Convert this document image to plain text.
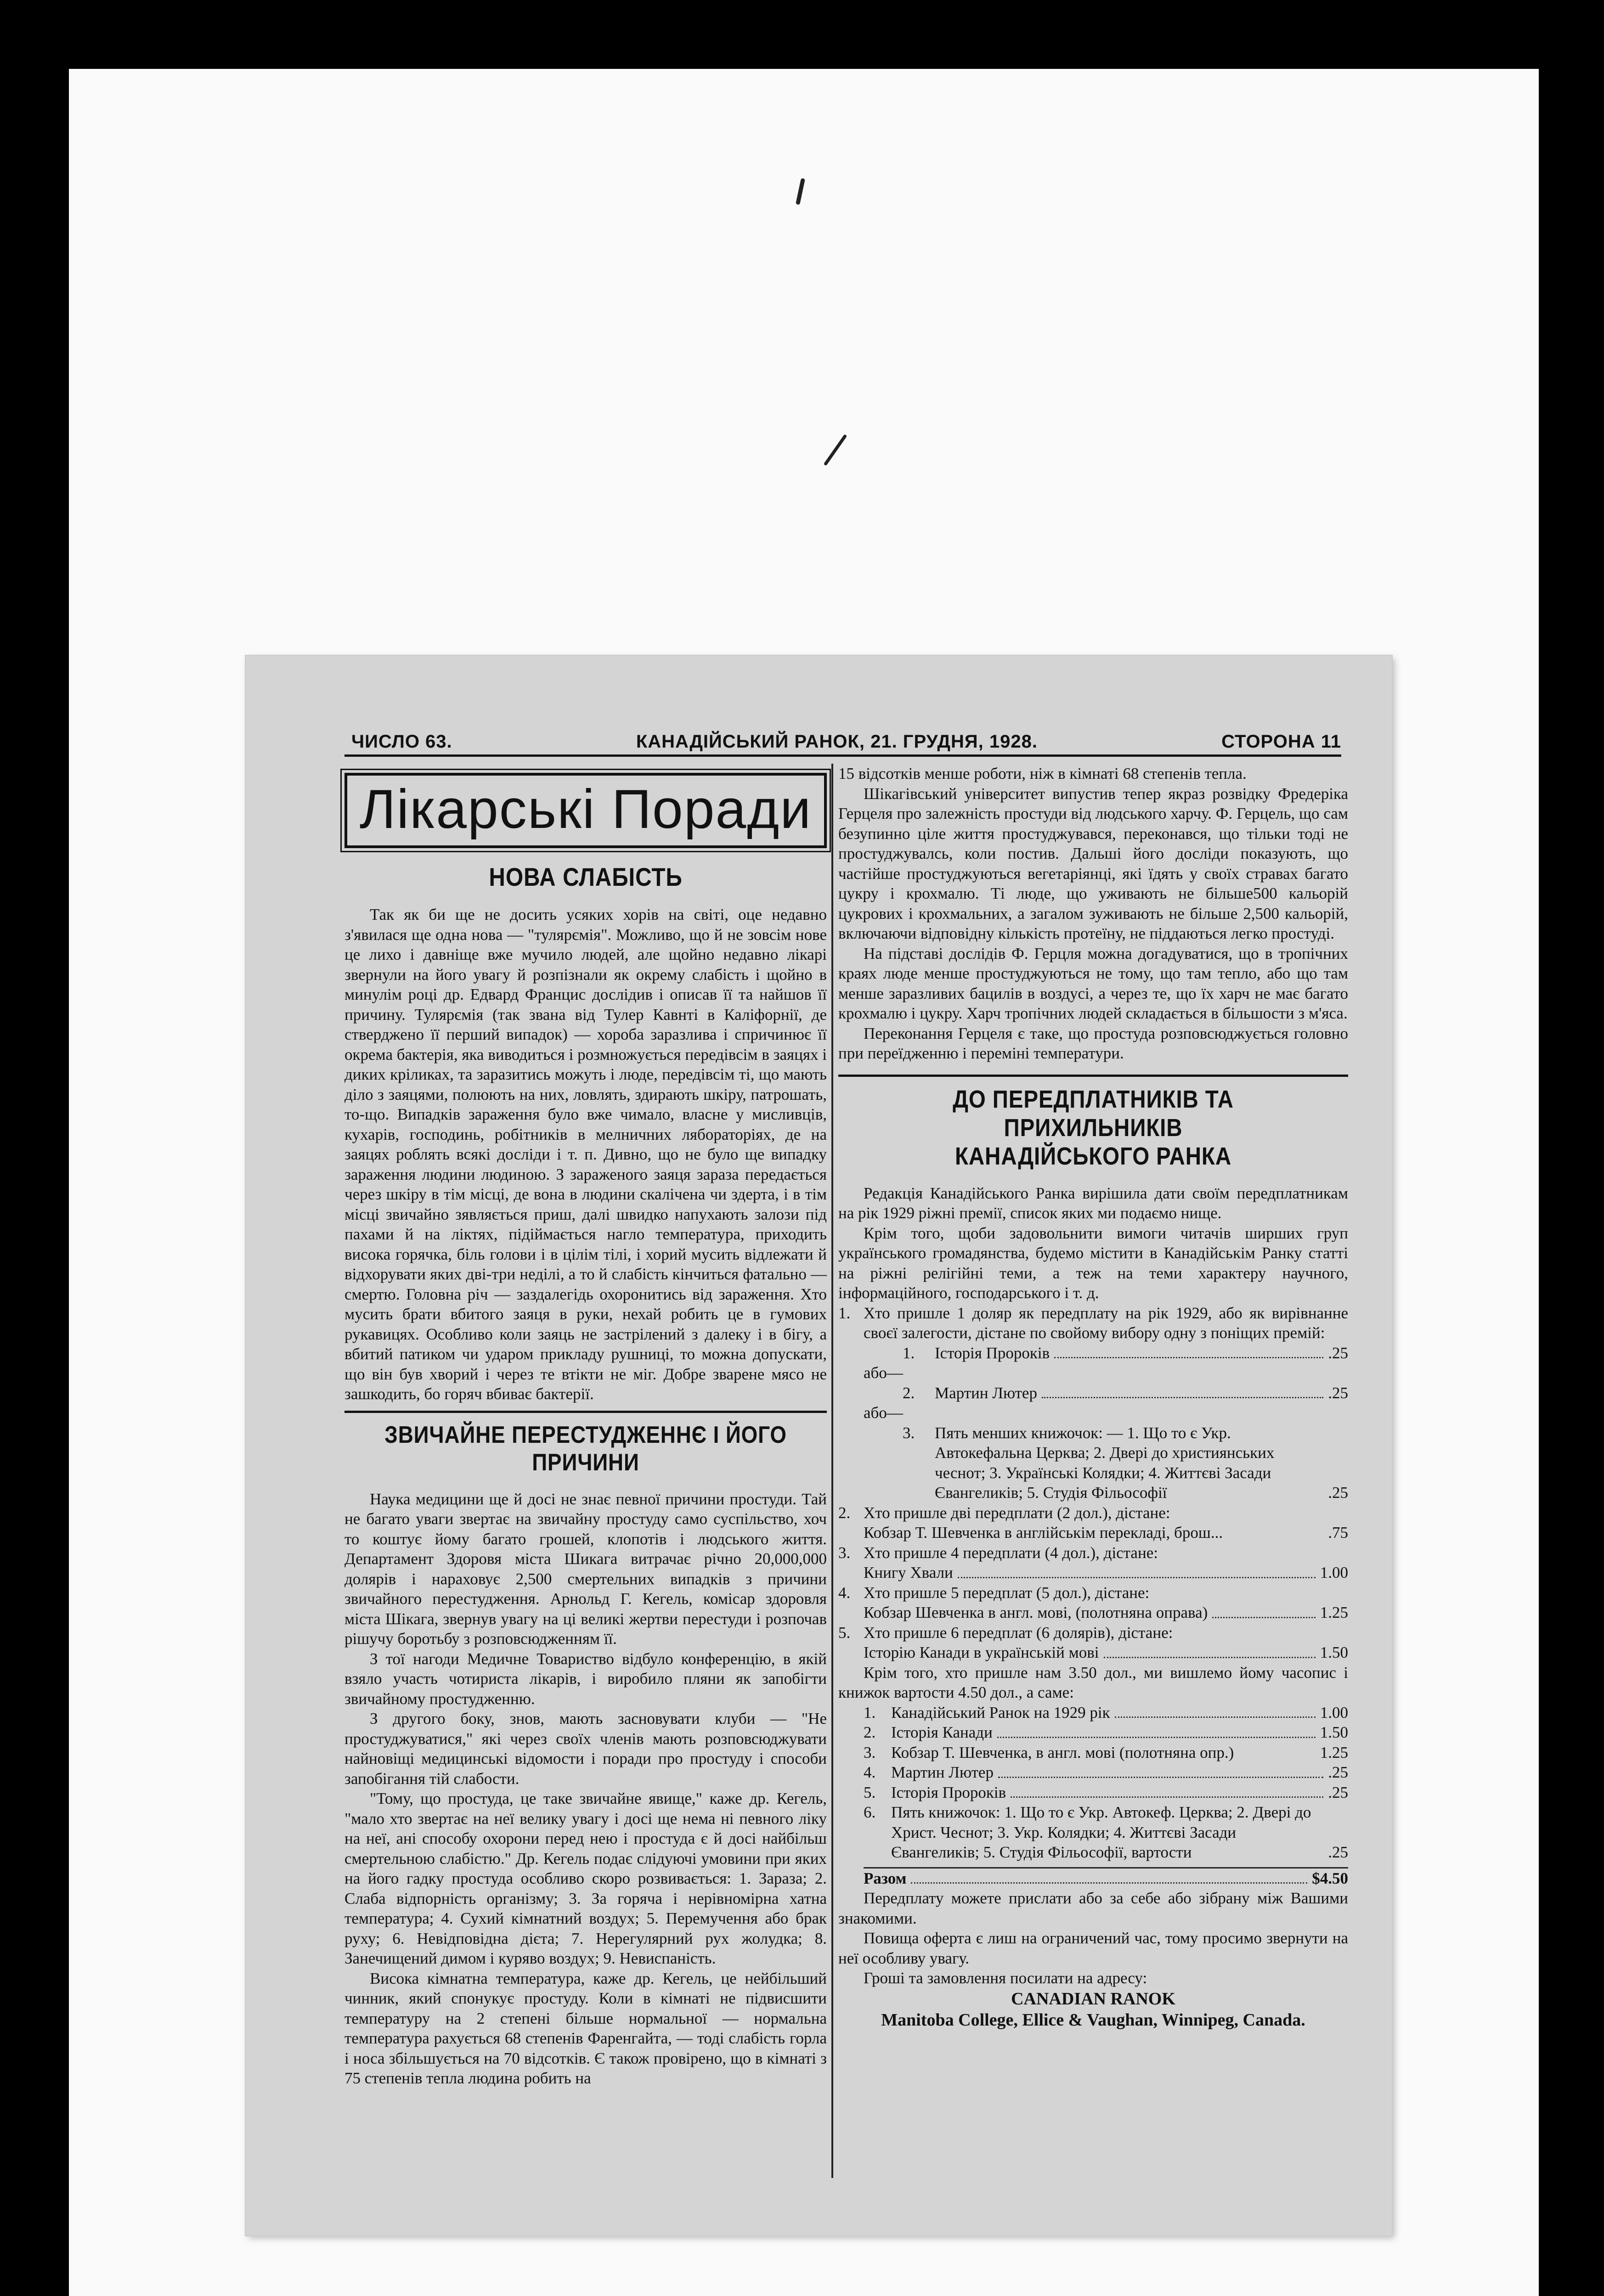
ЧИСЛО 63.	КАНАДІЙСЬКИЙ РАНОК, 21. ГРУДНЯ, 1928.	СТОРОНА 11
Лікарські Поради
НОВА СЛАБІСТЬ

Так як би ще не досить усяких хорів на світі, оце недавно з'явилася ще одна нова — "тулярємія". Можливо, що й не зовсім нове це лихо і давніще вже мучило людей, але щойно недавно лікарі звернули на його увагу й розпізнали як окрему слабість і щойно в минулім році др. Едвард Францис дослідив і описав її та найшов її причину. Тулярємія (так звана від Тулер Кавнті в Каліфорнії, де стверджено її перший випадок) — хороба заразлива і спричинює її окрема бактерія, яка виводиться і розмножується передівсім в заяцях і диких кріликах, та заразитись можуть і люде, передівсім ті, що мають діло з заяцями, полюють на них, ловлять, здирають шкіру, патрошать, то-що. Випадків зараження було вже чимало, власне у мисливців, кухарів, господинь, робітників в мелничних лябораторіях, де на заяцях роблять всякі досліди і т. п. Дивно, що не було ще випадку зараження людини людиною. З зараженого заяця зараза передається через шкіру в тім місці, де вона в людини скалічена чи здерта, і в тім місці звичайно зявляється приш, далі швидко напухають залози під пахами й на ліктях, підіймається нагло температура, приходить висока горячка, біль голови і в цілім тілі, і хорий мусить відлежати й відхорувати яких дві-три неділі, а то й слабість кінчиться фатально — смертю. Головна річ — заздалегідь охоронитись від зараження. Хто мусить брати вбитого заяця в руки, нехай робить це в гумових рукавицях. Особливо коли заяць не застрілений з далеку і в бігу, а вбитий патиком чи ударом прикладу рушниці, то можна допускати, що він був хворий і через те втікти не міг. Добре зварене мясо не зашкодить, бо горяч вбиває бактерії.

ЗВИЧАЙНЕ ПЕРЕСТУДЖЕННЄ І ЙОГО ПРИЧИНИ

Наука медицини ще й досі не знає певної причини простуди. Тай не багато уваги звертає на звичайну простуду само суспільство, хоч то коштує йому багато грошей, клопотів і людського життя. Департамент Здоровя міста Шикага витрачає річно 20,000,000 долярів і нараховує 2,500 смертельних випадків з причини звичайного перестудження. Арнольд Г. Кегель, комісар здоровля міста Шікага, звернув увагу на ці великі жертви перестуди і розпочав рішучу боротьбу з розповсюдженням її.

З тої нагоди Медичне Товариство відбуло конференцію, в якій взяло участь чотириста лікарів, і виробило пляни як запобігти звичайному простудженню.

З другого боку, знов, мають засновувати клуби — "Не простуджуватися," які через своїх членів мають розповсюджувати найновіщі медицинські відомости і поради про простуду і способи запобігання тій слабости.

"Тому, що простуда, це таке звичайне явище," каже др. Кегель, "мало хто звертає на неї велику увагу і досі ще нема ні певного ліку на неї, ані способу охорони перед нею і простуда є й досі найбільш смертельною слабістю." Др. Кегель подає слідуючі умовини при яких на його гадку простуда особливо скоро розвивається: 1. Зараза; 2. Слаба відпорність організму; 3. За горяча і нерівномірна хатна температура; 4. Сухий кімнатний воздух; 5. Перемучення або брак руху; 6. Невідповідна дієта; 7. Нерегулярний рух жолудка; 8. Занечищений димом і куряво воздух; 9. Невиспаність.

Висока кімнатна температура, каже др. Кегель, це нейбільший чинник, який спонукує простуду. Коли в кімнаті не підвисшити температуру на 2 степені більше нормальної — нормальна температура рахується 68 степенів Фаренгайта, — тоді слабість горла і носа збільшується на 70 відсотків. Є також провірено, що в кімнаті з 75 степенів тепла людина робить на

15 відсотків менше роботи, ніж в кімнаті 68 степенів тепла.

Шікагівський університет випустив тепер якраз розвідку Фредеріка Герцеля про залежність простуди від людського харчу. Ф. Герцель, що сам безупинно ціле життя простуджувався, переконався, що тільки тоді не простуджувалсь, коли постив. Дальші його досліди показують, що частійше простуджуються вегетаріянці, які їдять у своїх стравах багато цукру і крохмалю. Ті люде, що уживають не більше500 кальорій цукрових і крохмальних, а загалом зуживають не більше 2,500 кальорій, включаючи відповідну кількість протеїну, не піддаються легко простуді.

На підставі дослідів Ф. Герцля можна догадуватися, що в тропічних краях люде менше простуджуються не тому, що там тепло, або що там менше заразливих бацилів в воздусі, а через те, що їх харч не має багато крохмалю і цукру. Харч тропічних людей складається в більшости з м'яса.

Переконання Герцеля є таке, що простуда розповсюджується головно при переїдженню і переміні температури.

ДО ПЕРЕДПЛАТНИКІВ ТА ПРИХИЛЬНИКІВ
КАНАДІЙСЬКОГО РАНКА

Редакція Канадійського Ранка вирішила дати своїм передплатникам на рік 1929 ріжні премії, список яких ми подаємо нище.

Крім того, щоби задовольнити вимоги читачів ширших груп українського громадянства, будемо містити в Канадійськім Ранку статті на ріжні релігійні теми, а теж на теми характеру научного, інформаційного, господарського і т. д.

1. Хто пришле 1 доляр як передплату на рік 1929, або як вирівнанне своєї залегости, дістане по свойому вибору одну з поніщих премій:
1.	Історія Пророків	.25
або—
2.	Мартин Лютер	.25
або—
3.	Пять менших книжочок: — 1. Що то є Укр. Автокефальна Церква; 2. Двері до християнських чеснот; 3. Українські Колядки; 4. Життєві Засади Євангеликів; 5. Студія Фільософії	.25
2. Хто пришле дві передплати (2 дол.), дістане:
Кобзар Т. Шевченка в англійськім перекладі, брош...	.75
3. Хто пришле 4 передплати (4 дол.), дістане:
Книгу Хвали	1.00
4. Хто пришле 5 передплат (5 дол.), дістане:
Кобзар Шевченка в англ. мові, (полотняна оправа)	1.25
5. Хто пришле 6 передплат (6 долярів), дістане:
Історію Канади в українській мові	1.50

Крім того, хто пришле нам 3.50 дол., ми вишлемо йому часопис і книжок вартости 4.50 дол., а саме:

1. Канадійський Ранок на 1929 рік	1.00
2. Історія Канади	1.50
3. Кобзар Т. Шевченка, в англ. мові (полотняна опр.)	1.25
4. Мартин Лютер	.25
5. Історія Пророків	.25
6. Пять книжочок: 1. Що то є Укр. Автокеф. Церква; 2. Двері до Христ. Чеснот; 3. Укр. Колядки; 4. Життєві Засади Євангеликів; 5. Студія Фільософії, вартости	.25
Разом	$4.50

Передплату можете прислати або за себе або зібрану між Вашими знакомими.

Повища оферта є лиш на ограничений час, тому просимо звернути на неї особливу увагу.

Гроші та замовлення посилати на адресу:

CANADIAN RANOK
Manitoba College, Ellice & Vaughan, Winnipeg, Canada.
